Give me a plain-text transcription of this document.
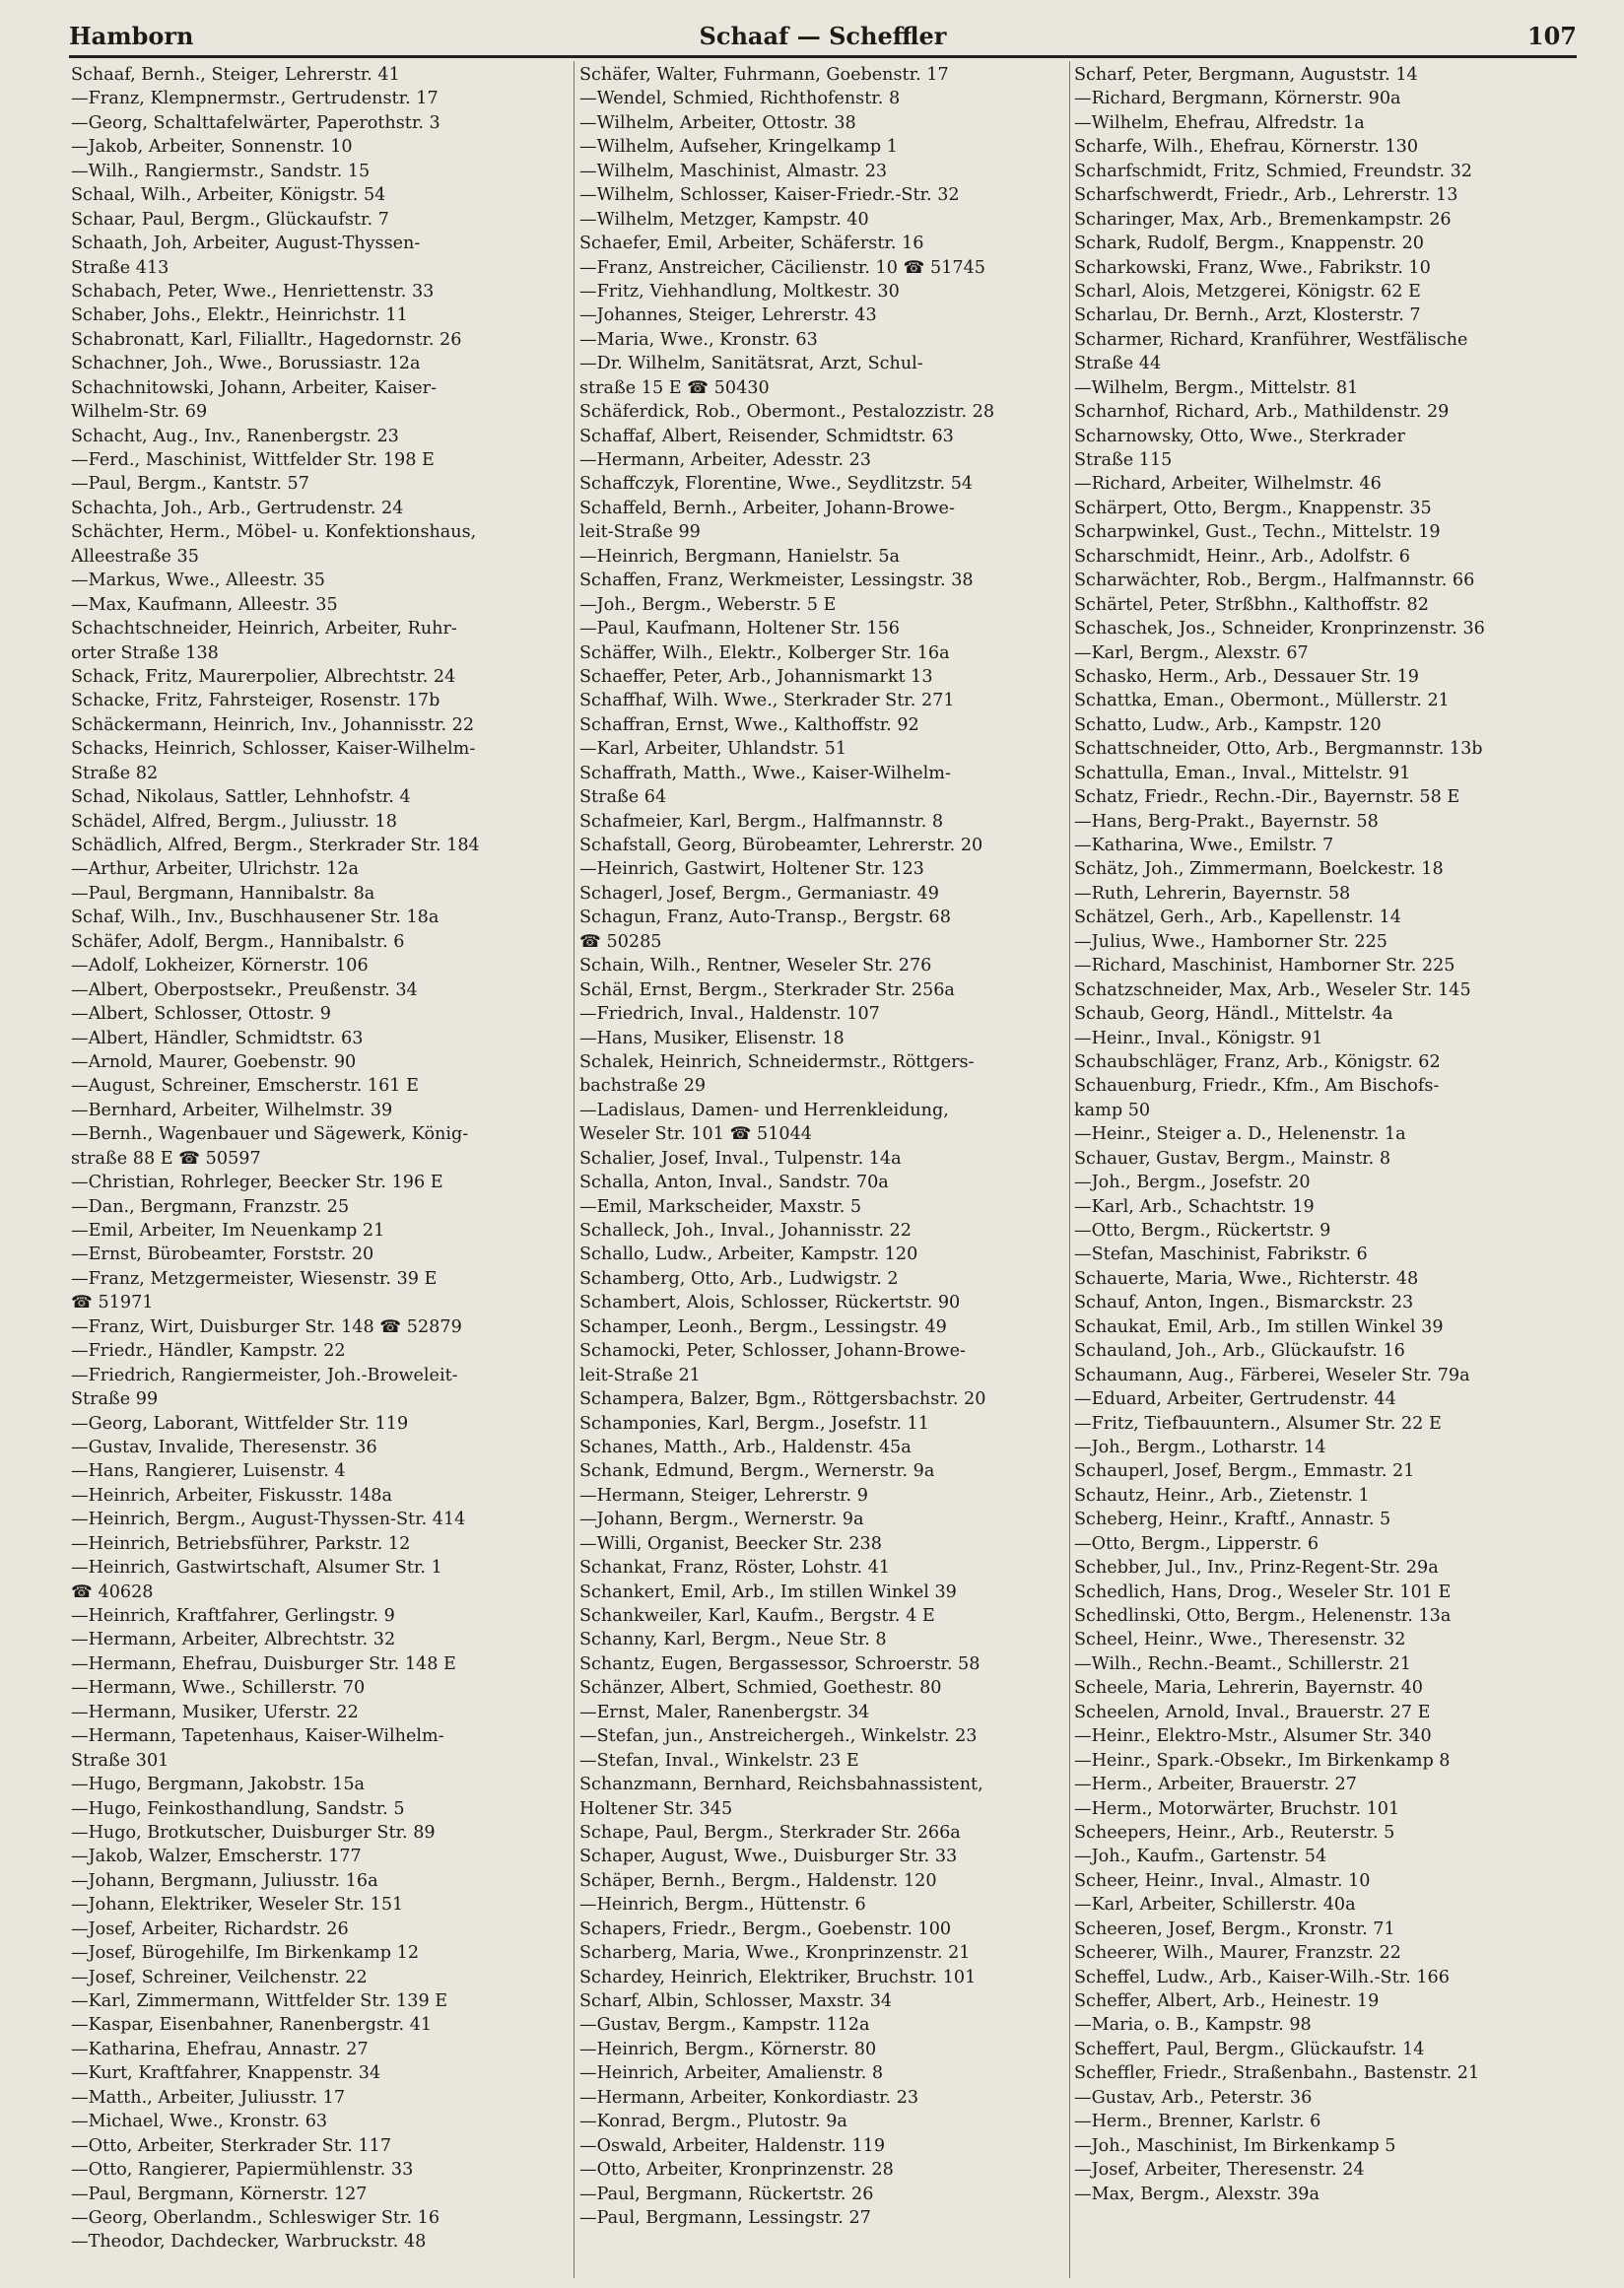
Hamborn	Schaaf — Scheffler	107
Schaaf, Bernh., Steiger, Lehrerstr. 41
—Franz, Klempnermstr., Gertrudenstr. 17
—Georg, Schalttafelwärter, Paperothstr. 3
—Jakob, Arbeiter, Sonnenstr. 10
—Wilh., Rangiermstr., Sandstr. 15
Schaal, Wilh., Arbeiter, Königstr. 54
Schaar, Paul, Bergm., Glückaufstr. 7
Schaath, Joh, Arbeiter, August-Thyssen-
Straße 413
Schabach, Peter, Wwe., Henriettenstr. 33
Schaber, Johs., Elektr., Heinrichstr. 11
Schabronatt, Karl, Filialltr., Hagedornstr. 26
Schachner, Joh., Wwe., Borussiastr. 12a
Schachnitowski, Johann, Arbeiter, Kaiser-
Wilhelm-Str. 69
Schacht, Aug., Inv., Ranenbergstr. 23
—Ferd., Maschinist, Wittfelder Str. 198 E
—Paul, Bergm., Kantstr. 57
Schachta, Joh., Arb., Gertrudenstr. 24
Schächter, Herm., Möbel- u. Konfektionshaus,
Alleestraße 35
—Markus, Wwe., Alleestr. 35
—Max, Kaufmann, Alleestr. 35
Schachtschneider, Heinrich, Arbeiter, Ruhr-
orter Straße 138
Schack, Fritz, Maurerpolier, Albrechtstr. 24
Schacke, Fritz, Fahrsteiger, Rosenstr. 17b
Schäckermann, Heinrich, Inv., Johannisstr. 22
Schacks, Heinrich, Schlosser, Kaiser-Wilhelm-
Straße 82
Schad, Nikolaus, Sattler, Lehnhofstr. 4
Schädel, Alfred, Bergm., Juliusstr. 18
Schädlich, Alfred, Bergm., Sterkrader Str. 184
—Arthur, Arbeiter, Ulrichstr. 12a
—Paul, Bergmann, Hannibalstr. 8a
Schaf, Wilh., Inv., Buschhausener Str. 18a
Schäfer, Adolf, Bergm., Hannibalstr. 6
—Adolf, Lokheizer, Körnerstr. 106
—Albert, Oberpostsekr., Preußenstr. 34
—Albert, Schlosser, Ottostr. 9
—Albert, Händler, Schmidtstr. 63
—Arnold, Maurer, Goebenstr. 90
—August, Schreiner, Emscherstr. 161 E
—Bernhard, Arbeiter, Wilhelmstr. 39
—Bernh., Wagenbauer und Sägewerk, König-
straße 88 E ☎ 50597
—Christian, Rohrleger, Beecker Str. 196 E
—Dan., Bergmann, Franzstr. 25
—Emil, Arbeiter, Im Neuenkamp 21
—Ernst, Bürobeamter, Forststr. 20
—Franz, Metzgermeister, Wiesenstr. 39 E
☎ 51971
—Franz, Wirt, Duisburger Str. 148 ☎ 52879
—Friedr., Händler, Kampstr. 22
—Friedrich, Rangiermeister, Joh.-Broweleit-
Straße 99
—Georg, Laborant, Wittfelder Str. 119
—Gustav, Invalide, Theresenstr. 36
—Hans, Rangierer, Luisenstr. 4
—Heinrich, Arbeiter, Fiskusstr. 148a
—Heinrich, Bergm., August-Thyssen-Str. 414
—Heinrich, Betriebsführer, Parkstr. 12
—Heinrich, Gastwirtschaft, Alsumer Str. 1
☎ 40628
—Heinrich, Kraftfahrer, Gerlingstr. 9
—Hermann, Arbeiter, Albrechtstr. 32
—Hermann, Ehefrau, Duisburger Str. 148 E
—Hermann, Wwe., Schillerstr. 70
—Hermann, Musiker, Uferstr. 22
—Hermann, Tapetenhaus, Kaiser-Wilhelm-
Straße 301
—Hugo, Bergmann, Jakobstr. 15a
—Hugo, Feinkosthandlung, Sandstr. 5
—Hugo, Brotkutscher, Duisburger Str. 89
—Jakob, Walzer, Emscherstr. 177
—Johann, Bergmann, Juliusstr. 16a
—Johann, Elektriker, Weseler Str. 151
—Josef, Arbeiter, Richardstr. 26
—Josef, Bürogehilfe, Im Birkenkamp 12
—Josef, Schreiner, Veilchenstr. 22
—Karl, Zimmermann, Wittfelder Str. 139 E
—Kaspar, Eisenbahner, Ranenbergstr. 41
—Katharina, Ehefrau, Annastr. 27
—Kurt, Kraftfahrer, Knappenstr. 34
—Matth., Arbeiter, Juliusstr. 17
—Michael, Wwe., Kronstr. 63
—Otto, Arbeiter, Sterkrader Str. 117
—Otto, Rangierer, Papiermühlenstr. 33
—Paul, Bergmann, Körnerstr. 127
—Georg, Oberlandm., Schleswiger Str. 16
—Theodor, Dachdecker, Warbruckstr. 48
Schäfer, Walter, Fuhrmann, Goebenstr. 17
—Wendel, Schmied, Richthofenstr. 8
—Wilhelm, Arbeiter, Ottostr. 38
—Wilhelm, Aufseher, Kringelkamp 1
—Wilhelm, Maschinist, Almastr. 23
—Wilhelm, Schlosser, Kaiser-Friedr.-Str. 32
—Wilhelm, Metzger, Kampstr. 40
Schaefer, Emil, Arbeiter, Schäferstr. 16
—Franz, Anstreicher, Cäcilienstr. 10 ☎ 51745
—Fritz, Viehhandlung, Moltkestr. 30
—Johannes, Steiger, Lehrerstr. 43
—Maria, Wwe., Kronstr. 63
—Dr. Wilhelm, Sanitätsrat, Arzt, Schul-
straße 15 E ☎ 50430
Schäferdick, Rob., Obermont., Pestalozzistr. 28
Schaffaf, Albert, Reisender, Schmidtstr. 63
—Hermann, Arbeiter, Adesstr. 23
Schaffczyk, Florentine, Wwe., Seydlitzstr. 54
Schaffeld, Bernh., Arbeiter, Johann-Browe-
leit-Straße 99
—Heinrich, Bergmann, Hanielstr. 5a
Schaffen, Franz, Werkmeister, Lessingstr. 38
—Joh., Bergm., Weberstr. 5 E
—Paul, Kaufmann, Holtener Str. 156
Schäffer, Wilh., Elektr., Kolberger Str. 16a
Schaeffer, Peter, Arb., Johannismarkt 13
Schaffhaf, Wilh. Wwe., Sterkrader Str. 271
Schaffran, Ernst, Wwe., Kalthoffstr. 92
—Karl, Arbeiter, Uhlandstr. 51
Schaffrath, Matth., Wwe., Kaiser-Wilhelm-
Straße 64
Schafmeier, Karl, Bergm., Halfmannstr. 8
Schafstall, Georg, Bürobeamter, Lehrerstr. 20
—Heinrich, Gastwirt, Holtener Str. 123
Schagerl, Josef, Bergm., Germaniastr. 49
Schagun, Franz, Auto-Transp., Bergstr. 68
☎ 50285
Schain, Wilh., Rentner, Weseler Str. 276
Schäl, Ernst, Bergm., Sterkrader Str. 256a
—Friedrich, Inval., Haldenstr. 107
—Hans, Musiker, Elisenstr. 18
Schalek, Heinrich, Schneidermstr., Röttgers-
bachstraße 29
—Ladislaus, Damen- und Herrenkleidung,
Weseler Str. 101 ☎ 51044
Schalier, Josef, Inval., Tulpenstr. 14a
Schalla, Anton, Inval., Sandstr. 70a
—Emil, Markscheider, Maxstr. 5
Schalleck, Joh., Inval., Johannisstr. 22
Schallo, Ludw., Arbeiter, Kampstr. 120
Schamberg, Otto, Arb., Ludwigstr. 2
Schambert, Alois, Schlosser, Rückertstr. 90
Schamper, Leonh., Bergm., Lessingstr. 49
Schamocki, Peter, Schlosser, Johann-Browe-
leit-Straße 21
Schampera, Balzer, Bgm., Röttgersbachstr. 20
Schamponies, Karl, Bergm., Josefstr. 11
Schanes, Matth., Arb., Haldenstr. 45a
Schank, Edmund, Bergm., Wernerstr. 9a
—Hermann, Steiger, Lehrerstr. 9
—Johann, Bergm., Wernerstr. 9a
—Willi, Organist, Beecker Str. 238
Schankat, Franz, Röster, Lohstr. 41
Schankert, Emil, Arb., Im stillen Winkel 39
Schankweiler, Karl, Kaufm., Bergstr. 4 E
Schanny, Karl, Bergm., Neue Str. 8
Schantz, Eugen, Bergassessor, Schroerstr. 58
Schänzer, Albert, Schmied, Goethestr. 80
—Ernst, Maler, Ranenbergstr. 34
—Stefan, jun., Anstreichergeh., Winkelstr. 23
—Stefan, Inval., Winkelstr. 23 E
Schanzmann, Bernhard, Reichsbahnassistent,
Holtener Str. 345
Schape, Paul, Bergm., Sterkrader Str. 266a
Schaper, August, Wwe., Duisburger Str. 33
Schäper, Bernh., Bergm., Haldenstr. 120
—Heinrich, Bergm., Hüttenstr. 6
Schapers, Friedr., Bergm., Goebenstr. 100
Scharberg, Maria, Wwe., Kronprinzenstr. 21
Schardey, Heinrich, Elektriker, Bruchstr. 101
Scharf, Albin, Schlosser, Maxstr. 34
—Gustav, Bergm., Kampstr. 112a
—Heinrich, Bergm., Körnerstr. 80
—Heinrich, Arbeiter, Amalienstr. 8
—Hermann, Arbeiter, Konkordiastr. 23
—Konrad, Bergm., Plutostr. 9a
—Oswald, Arbeiter, Haldenstr. 119
—Otto, Arbeiter, Kronprinzenstr. 28
—Paul, Bergmann, Rückertstr. 26
—Paul, Bergmann, Lessingstr. 27
Scharf, Peter, Bergmann, Auguststr. 14
—Richard, Bergmann, Körnerstr. 90a
—Wilhelm, Ehefrau, Alfredstr. 1a
Scharfe, Wilh., Ehefrau, Körnerstr. 130
Scharfschmidt, Fritz, Schmied, Freundstr. 32
Scharfschwerdt, Friedr., Arb., Lehrerstr. 13
Scharinger, Max, Arb., Bremenkampstr. 26
Schark, Rudolf, Bergm., Knappenstr. 20
Scharkowski, Franz, Wwe., Fabrikstr. 10
Scharl, Alois, Metzgerei, Königstr. 62 E
Scharlau, Dr. Bernh., Arzt, Klosterstr. 7
Scharmer, Richard, Kranführer, Westfälische
Straße 44
—Wilhelm, Bergm., Mittelstr. 81
Scharnhof, Richard, Arb., Mathildenstr. 29
Scharnowsky, Otto, Wwe., Sterkrader
Straße 115
—Richard, Arbeiter, Wilhelmstr. 46
Schärpert, Otto, Bergm., Knappenstr. 35
Scharpwinkel, Gust., Techn., Mittelstr. 19
Scharschmidt, Heinr., Arb., Adolfstr. 6
Scharwächter, Rob., Bergm., Halfmannstr. 66
Schärtel, Peter, Strßbhn., Kalthoffstr. 82
Schaschek, Jos., Schneider, Kronprinzenstr. 36
—Karl, Bergm., Alexstr. 67
Schasko, Herm., Arb., Dessauer Str. 19
Schattka, Eman., Obermont., Müllerstr. 21
Schatto, Ludw., Arb., Kampstr. 120
Schattschneider, Otto, Arb., Bergmannstr. 13b
Schattulla, Eman., Inval., Mittelstr. 91
Schatz, Friedr., Rechn.-Dir., Bayernstr. 58 E
—Hans, Berg-Prakt., Bayernstr. 58
—Katharina, Wwe., Emilstr. 7
Schätz, Joh., Zimmermann, Boelckestr. 18
—Ruth, Lehrerin, Bayernstr. 58
Schätzel, Gerh., Arb., Kapellenstr. 14
—Julius, Wwe., Hamborner Str. 225
—Richard, Maschinist, Hamborner Str. 225
Schatzschneider, Max, Arb., Weseler Str. 145
Schaub, Georg, Händl., Mittelstr. 4a
—Heinr., Inval., Königstr. 91
Schaubschläger, Franz, Arb., Königstr. 62
Schauenburg, Friedr., Kfm., Am Bischofs-
kamp 50
—Heinr., Steiger a. D., Helenenstr. 1a
Schauer, Gustav, Bergm., Mainstr. 8
—Joh., Bergm., Josefstr. 20
—Karl, Arb., Schachtstr. 19
—Otto, Bergm., Rückertstr. 9
—Stefan, Maschinist, Fabrikstr. 6
Schauerte, Maria, Wwe., Richterstr. 48
Schauf, Anton, Ingen., Bismarckstr. 23
Schaukat, Emil, Arb., Im stillen Winkel 39
Schauland, Joh., Arb., Glückaufstr. 16
Schaumann, Aug., Färberei, Weseler Str. 79a
—Eduard, Arbeiter, Gertrudenstr. 44
—Fritz, Tiefbauuntern., Alsumer Str. 22 E
—Joh., Bergm., Lotharstr. 14
Schauperl, Josef, Bergm., Emmastr. 21
Schautz, Heinr., Arb., Zietenstr. 1
Scheberg, Heinr., Kraftf., Annastr. 5
—Otto, Bergm., Lipperstr. 6
Schebber, Jul., Inv., Prinz-Regent-Str. 29a
Schedlich, Hans, Drog., Weseler Str. 101 E
Schedlinski, Otto, Bergm., Helenenstr. 13a
Scheel, Heinr., Wwe., Theresenstr. 32
—Wilh., Rechn.-Beamt., Schillerstr. 21
Scheele, Maria, Lehrerin, Bayernstr. 40
Scheelen, Arnold, Inval., Brauerstr. 27 E
—Heinr., Elektro-Mstr., Alsumer Str. 340
—Heinr., Spark.-Obsekr., Im Birkenkamp 8
—Herm., Arbeiter, Brauerstr. 27
—Herm., Motorwärter, Bruchstr. 101
Scheepers, Heinr., Arb., Reuterstr. 5
—Joh., Kaufm., Gartenstr. 54
Scheer, Heinr., Inval., Almastr. 10
—Karl, Arbeiter, Schillerstr. 40a
Scheeren, Josef, Bergm., Kronstr. 71
Scheerer, Wilh., Maurer, Franzstr. 22
Scheffel, Ludw., Arb., Kaiser-Wilh.-Str. 166
Scheffer, Albert, Arb., Heinestr. 19
—Maria, o. B., Kampstr. 98
Scheffert, Paul, Bergm., Glückaufstr. 14
Scheffler, Friedr., Straßenbahn., Bastenstr. 21
—Gustav, Arb., Peterstr. 36
—Herm., Brenner, Karlstr. 6
—Joh., Maschinist, Im Birkenkamp 5
—Josef, Arbeiter, Theresenstr. 24
—Max, Bergm., Alexstr. 39a
